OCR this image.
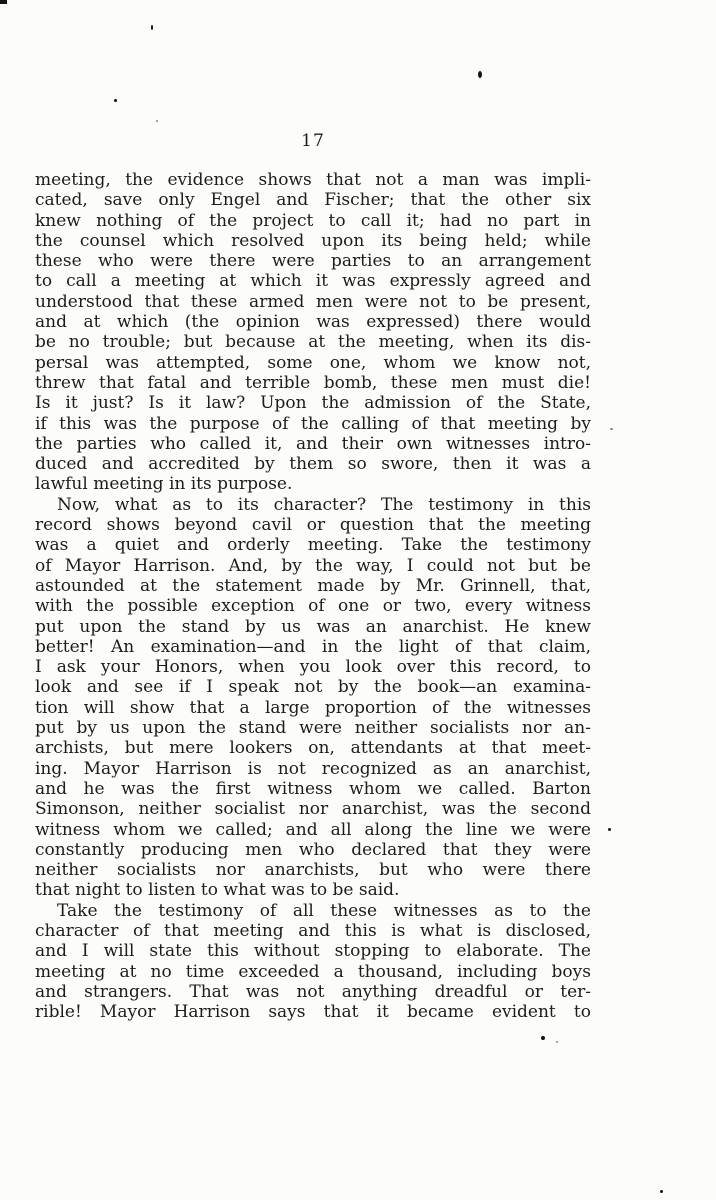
17
meeting, the evidence shows that not a man was impli-
cated, save only Engel and Fischer; that the other six
knew nothing of the project to call it; had no part in
the counsel which resolved upon its being held; while
these who were there were parties to an arrangement
to call a meeting at which it was expressly agreed and
understood that these armed men were not to be present,
and at which (the opinion was expressed) there would
be no trouble; but because at the meeting, when its dis-
persal was attempted, some one, whom we know not,
threw that fatal and terrible bomb, these men must die!
Is it just? Is it law? Upon the admission of the State,
if this was the purpose of the calling of that meeting by
the parties who called it, and their own witnesses intro-
duced and accredited by them so swore, then it was a
lawful meeting in its purpose.
Now, what as to its character? The testimony in this
record shows beyond cavil or question that the meeting
was a quiet and orderly meeting. Take the testimony
of Mayor Harrison. And, by the way, I could not but be
astounded at the statement made by Mr. Grinnell, that,
with the possible exception of one or two, every witness
put upon the stand by us was an anarchist. He knew
better! An examination—and in the light of that claim,
I ask your Honors, when you look over this record, to
look and see if I speak not by the book—an examina-
tion will show that a large proportion of the witnesses
put by us upon the stand were neither socialists nor an-
archists, but mere lookers on, attendants at that meet-
ing. Mayor Harrison is not recognized as an anarchist,
and he was the first witness whom we called. Barton
Simonson, neither socialist nor anarchist, was the second
witness whom we called; and all along the line we were
constantly producing men who declared that they were
neither socialists nor anarchists, but who were there
that night to listen to what was to be said.
Take the testimony of all these witnesses as to the
character of that meeting and this is what is disclosed,
and I will state this without stopping to elaborate. The
meeting at no time exceeded a thousand, including boys
and strangers. That was not anything dreadful or ter-
rible! Mayor Harrison says that it became evident to
